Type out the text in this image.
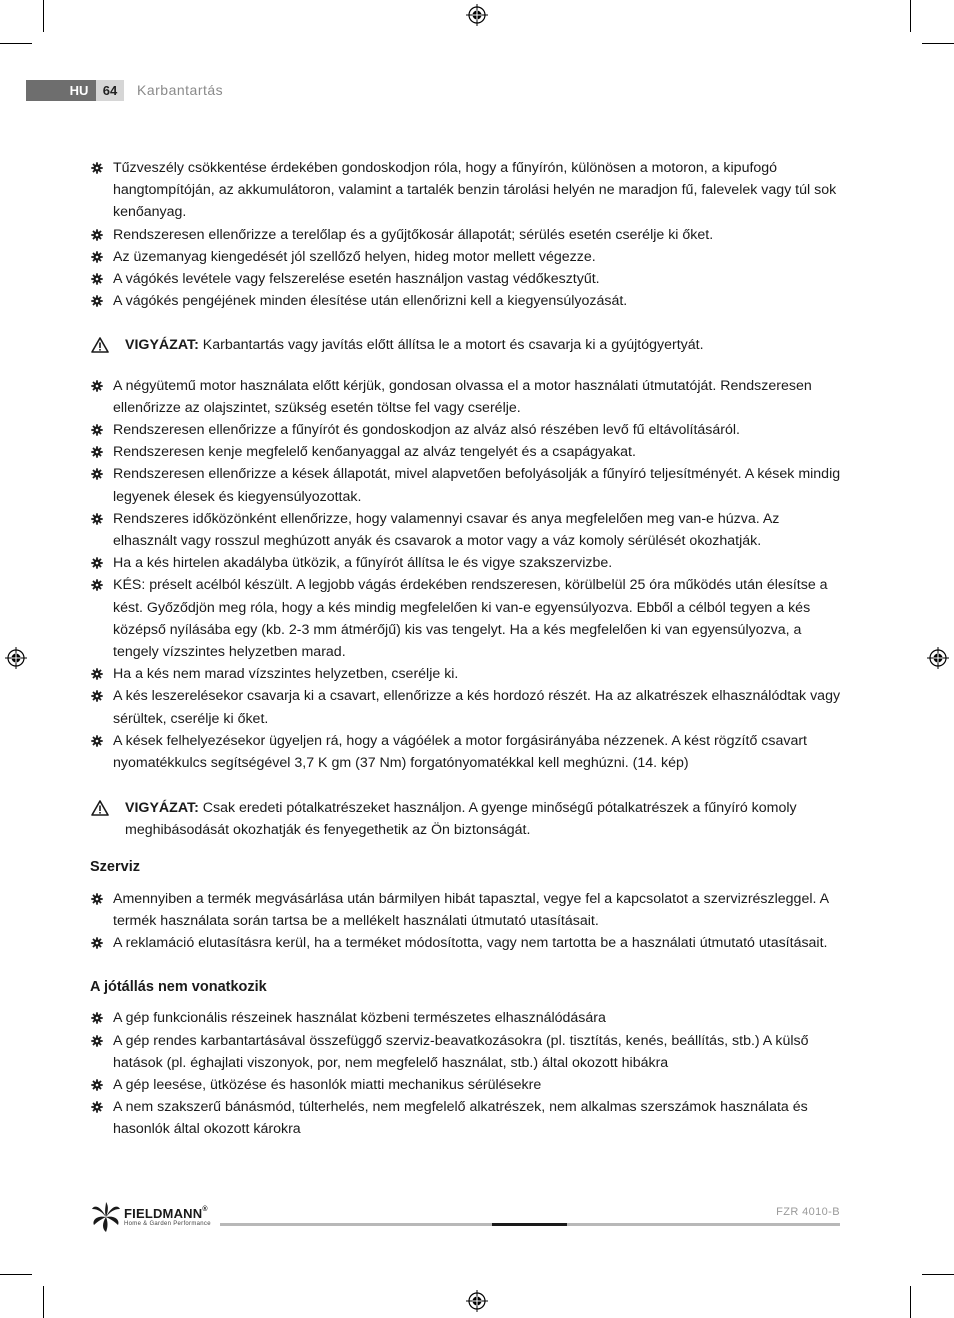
HU	64	Karbantartás
Tűzveszély csökkentése érdekében gondoskodjon róla, hogy a fűnyírón, különösen a motoron, a kipufogó hangtompítóján, az akkumulátoron, valamint a tartalék benzin tárolási helyén ne maradjon fű, falevelek vagy túl sok kenőanyag.
Rendszeresen ellenőrizze a terelőlap és a gyűjtőkosár állapotát; sérülés esetén cserélje ki őket.
Az üzemanyag kiengedését jól szellőző helyen, hideg motor mellett végezze.
A vágókés levétele vagy felszerelése esetén használjon vastag védőkesztyűt.
A vágókés pengéjének minden élesítése után ellenőrizni kell a kiegyensúlyozását.
VIGYÁZAT: Karbantartás vagy javítás előtt állítsa le a motort és csavarja ki a gyújtógyertyát.
A négyütemű motor használata előtt kérjük, gondosan olvassa el a motor használati útmutatóját. Rendszeresen ellenőrizze az olajszintet, szükség esetén töltse fel vagy cserélje.
Rendszeresen ellenőrizze a fűnyírót és gondoskodjon az alváz alsó részében levő fű eltávolításáról.
Rendszeresen kenje megfelelő kenőanyaggal az alváz tengelyét és a csapágyakat.
Rendszeresen ellenőrizze a kések állapotát, mivel alapvetően befolyásolják a fűnyíró teljesítményét. A kések mindig legyenek élesek és kiegyensúlyozottak.
Rendszeres időközönként ellenőrizze, hogy valamennyi csavar és anya megfelelően meg van-e húzva. Az elhasznált vagy rosszul meghúzott anyák és csavarok a motor vagy a váz komoly sérülését okozhatják.
Ha a kés hirtelen akadályba ütközik, a fűnyírót állítsa le és vigye szakszervizbe.
KÉS: préselt acélból készült. A legjobb vágás érdekében rendszeresen, körülbelül 25 óra működés után élesítse a kést. Győződjön meg róla, hogy a kés mindig megfelelően ki van-e egyensúlyozva. Ebből a célból tegyen a kés középső nyílásába egy (kb. 2-3 mm átmérőjű) kis vas tengelyt. Ha a kés megfelelően ki van egyensúlyozva, a tengely vízszintes helyzetben marad.
Ha a kés nem marad vízszintes helyzetben, cserélje ki.
A kés leszerelésekor csavarja ki a csavart, ellenőrizze a kés hordozó részét. Ha az alkatrészek elhasználódtak vagy sérültek, cserélje ki őket.
A kések felhelyezésekor ügyeljen rá, hogy a vágóélek a motor forgásirányába nézzenek. A kést rögzítő csavart nyomatékkulcs segítségével 3,7 K gm (37 Nm) forgatónyomatékkal kell meghúzni. (14. kép)
VIGYÁZAT: Csak eredeti pótalkatrészeket használjon. A gyenge minőségű pótalkatrészek a fűnyíró komoly meghibásodását okozhatják és fenyegethetik az Ön biztonságát.
Szerviz
Amennyiben a termék megvásárlása után bármilyen hibát tapasztal, vegye fel a kapcsolatot a szervizrészleggel. A termék használata során tartsa be a mellékelt használati útmutató utasításait.
A reklamáció elutasításra kerül, ha a terméket módosította, vagy nem tartotta be a használati útmutató utasításait.
A jótállás nem vonatkozik
A gép funkcionális részeinek használat közbeni természetes elhasználódására
A gép rendes karbantartásával összefüggő szerviz-beavatkozásokra (pl. tisztítás, kenés, beállítás, stb.) A külső hatások (pl. éghajlati viszonyok, por, nem megfelelő használat, stb.) által okozott hibákra
A gép leesése, ütközése és hasonlók miatti mechanikus sérülésekre
A nem szakszerű bánásmód, túlterhelés, nem megfelelő alkatrészek, nem alkalmas szerszámok használata és hasonlók által okozott károkra
FIELDMANN®
Home & Garden Performance
FZR 4010-B
